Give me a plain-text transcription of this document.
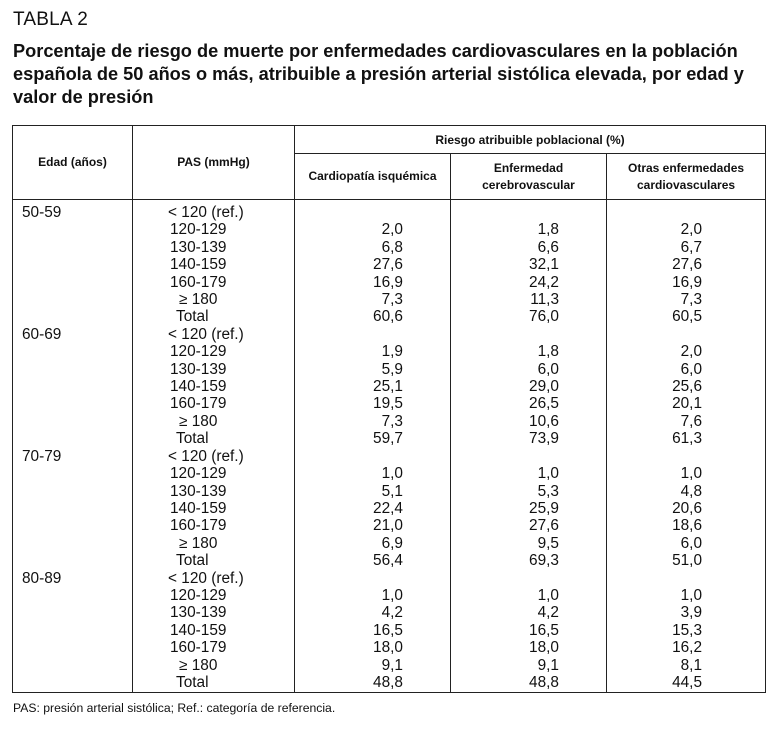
TABLA 2
Porcentaje de riesgo de muerte por enfermedades cardiovasculares en la población española de 50 años o más, atribuible a presión arterial sistólica elevada, por edad y valor de presión
Edad (años)	PAS (mmHg)	Riesgo atribuible poblacional (%)		
		Cardiopatía isquémica	Enfermedad cerebrovascular	Otras enfermedades cardiovasculares
50-59	< 120 (ref.)			
	120-129	2,0	1,8	2,0
	130-139	6,8	6,6	6,7
	140-159	27,6	32,1	27,6
	160-179	16,9	24,2	16,9
	≥ 180	7,3	11,3	7,3
	Total	60,6	76,0	60,5
60-69	< 120 (ref.)			
	120-129	1,9	1,8	2,0
	130-139	5,9	6,0	6,0
	140-159	25,1	29,0	25,6
	160-179	19,5	26,5	20,1
	≥ 180	7,3	10,6	7,6
	Total	59,7	73,9	61,3
70-79	< 120 (ref.)			
	120-129	1,0	1,0	1,0
	130-139	5,1	5,3	4,8
	140-159	22,4	25,9	20,6
	160-179	21,0	27,6	18,6
	≥ 180	6,9	9,5	6,0
	Total	56,4	69,3	51,0
80-89	< 120 (ref.)			
	120-129	1,0	1,0	1,0
	130-139	4,2	4,2	3,9
	140-159	16,5	16,5	15,3
	160-179	18,0	18,0	16,2
	≥ 180	9,1	9,1	8,1
	Total	48,8	48,8	44,5
PAS: presión arterial sistólica; Ref.: categoría de referencia.
